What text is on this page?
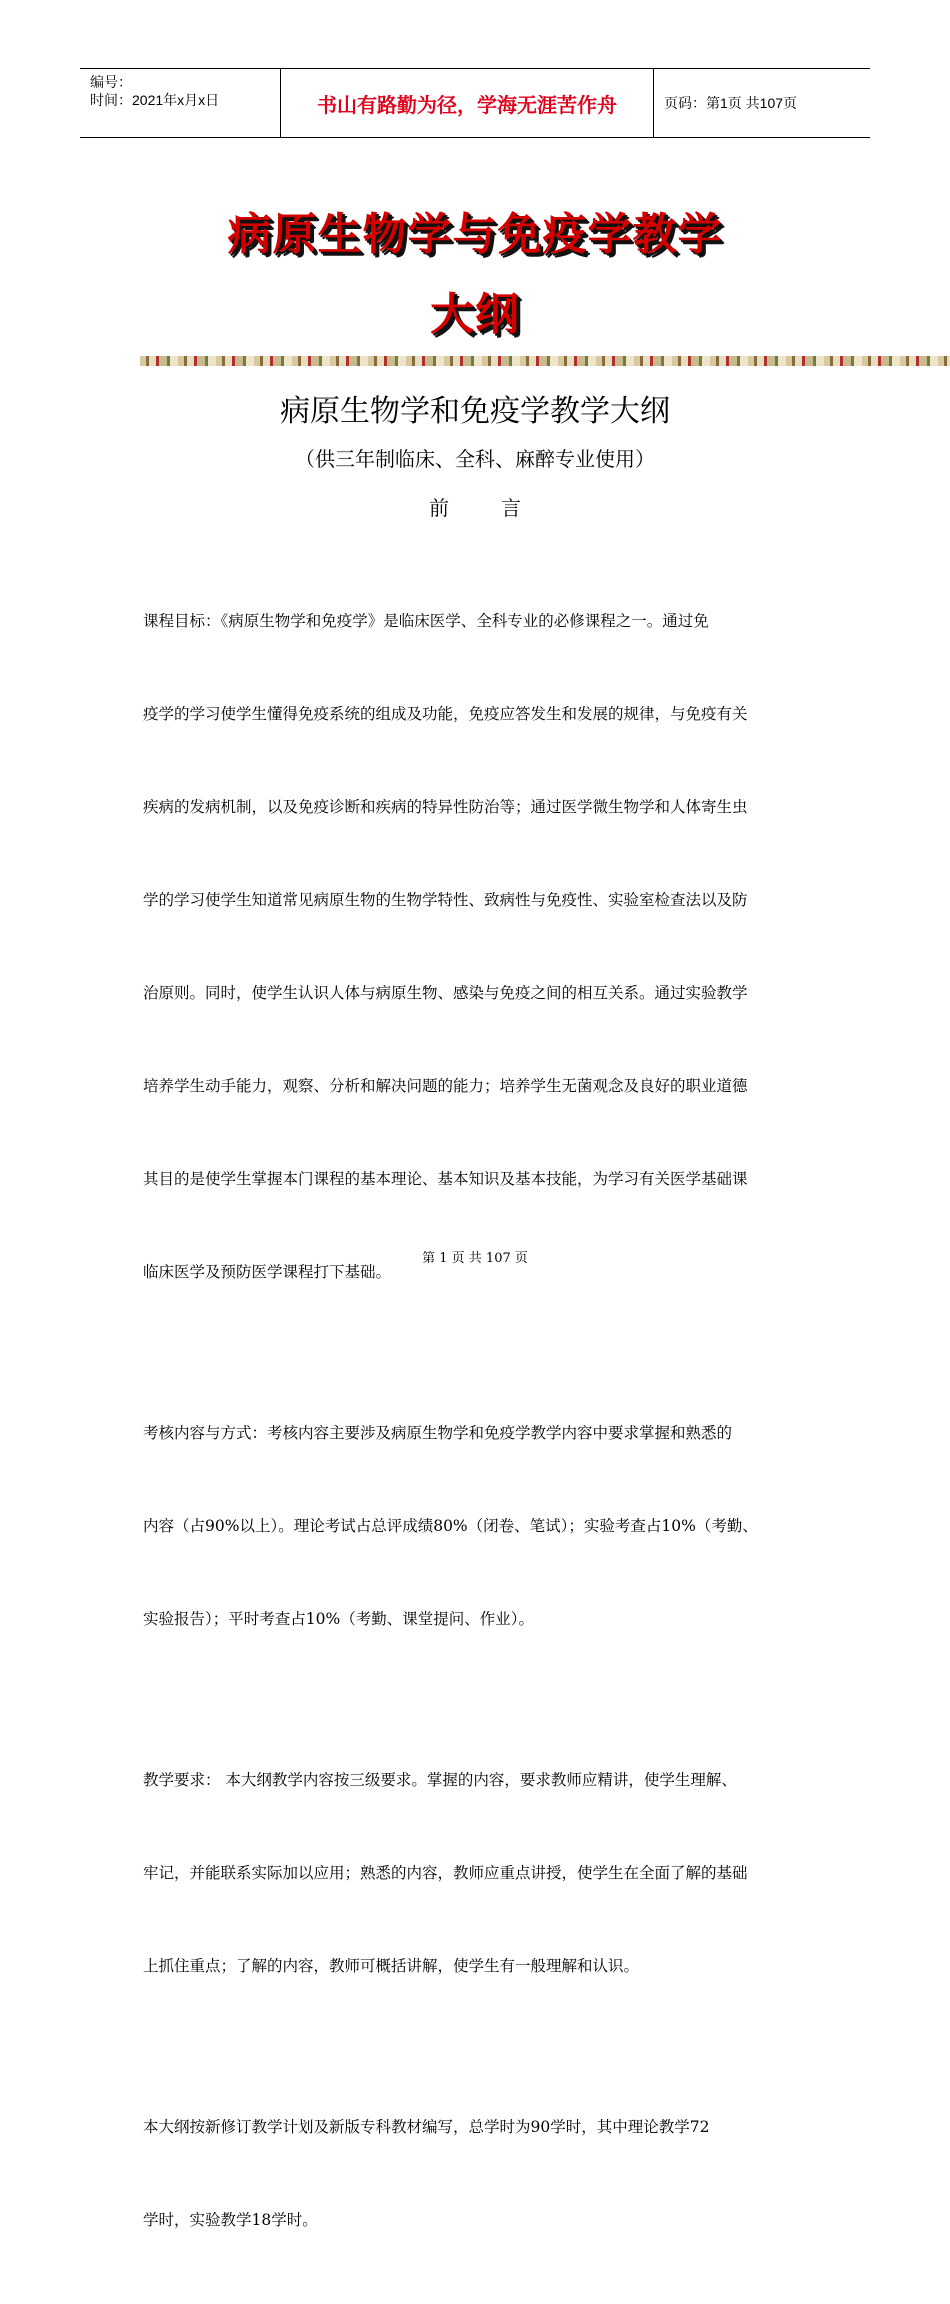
编号：
时间：2021年x月x日	书山有路勤为径，学海无涯苦作舟	页码：第1页 共107页
病原生物学与免疫学教学
大纲
病原生物学和免疫学教学大纲
（供三年制临床、全科、麻醉专业使用）
前	言

课程目标：《病原生物学和免疫学》是临床医学、全科专业的必修课程之一。通过免

疫学的学习使学生懂得免疫系统的组成及功能，免疫应答发生和发展的规律，与免疫有关

疾病的发病机制，以及免疫诊断和疾病的特异性防治等；通过医学微生物学和人体寄生虫

学的学习使学生知道常见病原生物的生物学特性、致病性与免疫性、实验室检查法以及防

治原则。同时，使学生认识人体与病原生物、感染与免疫之间的相互关系。通过实验教学

培养学生动手能力，观察、分析和解决问题的能力；培养学生无菌观念及良好的职业道德

其目的是使学生掌握本门课程的基本理论、基本知识及基本技能，为学习有关医学基础课

临床医学及预防医学课程打下基础。

考核内容与方式：考核内容主要涉及病原生物学和免疫学教学内容中要求掌握和熟悉的

内容（占90%以上）。理论考试占总评成绩80%（闭卷、笔试）；实验考查占10%（考勤、

实验报告）；平时考查占10%（考勤、课堂提问、作业）。

教学要求： 本大纲教学内容按三级要求。掌握的内容，要求教师应精讲，使学生理解、

牢记，并能联系实际加以应用；熟悉的内容，教师应重点讲授，使学生在全面了解的基础

上抓住重点；了解的内容，教师可概括讲解，使学生有一般理解和认识。

本大纲按新修订教学计划及新版专科教材编写，总学时为90学时，其中理论教学72

学时，实验教学18学时。

第 1 页 共 107 页
